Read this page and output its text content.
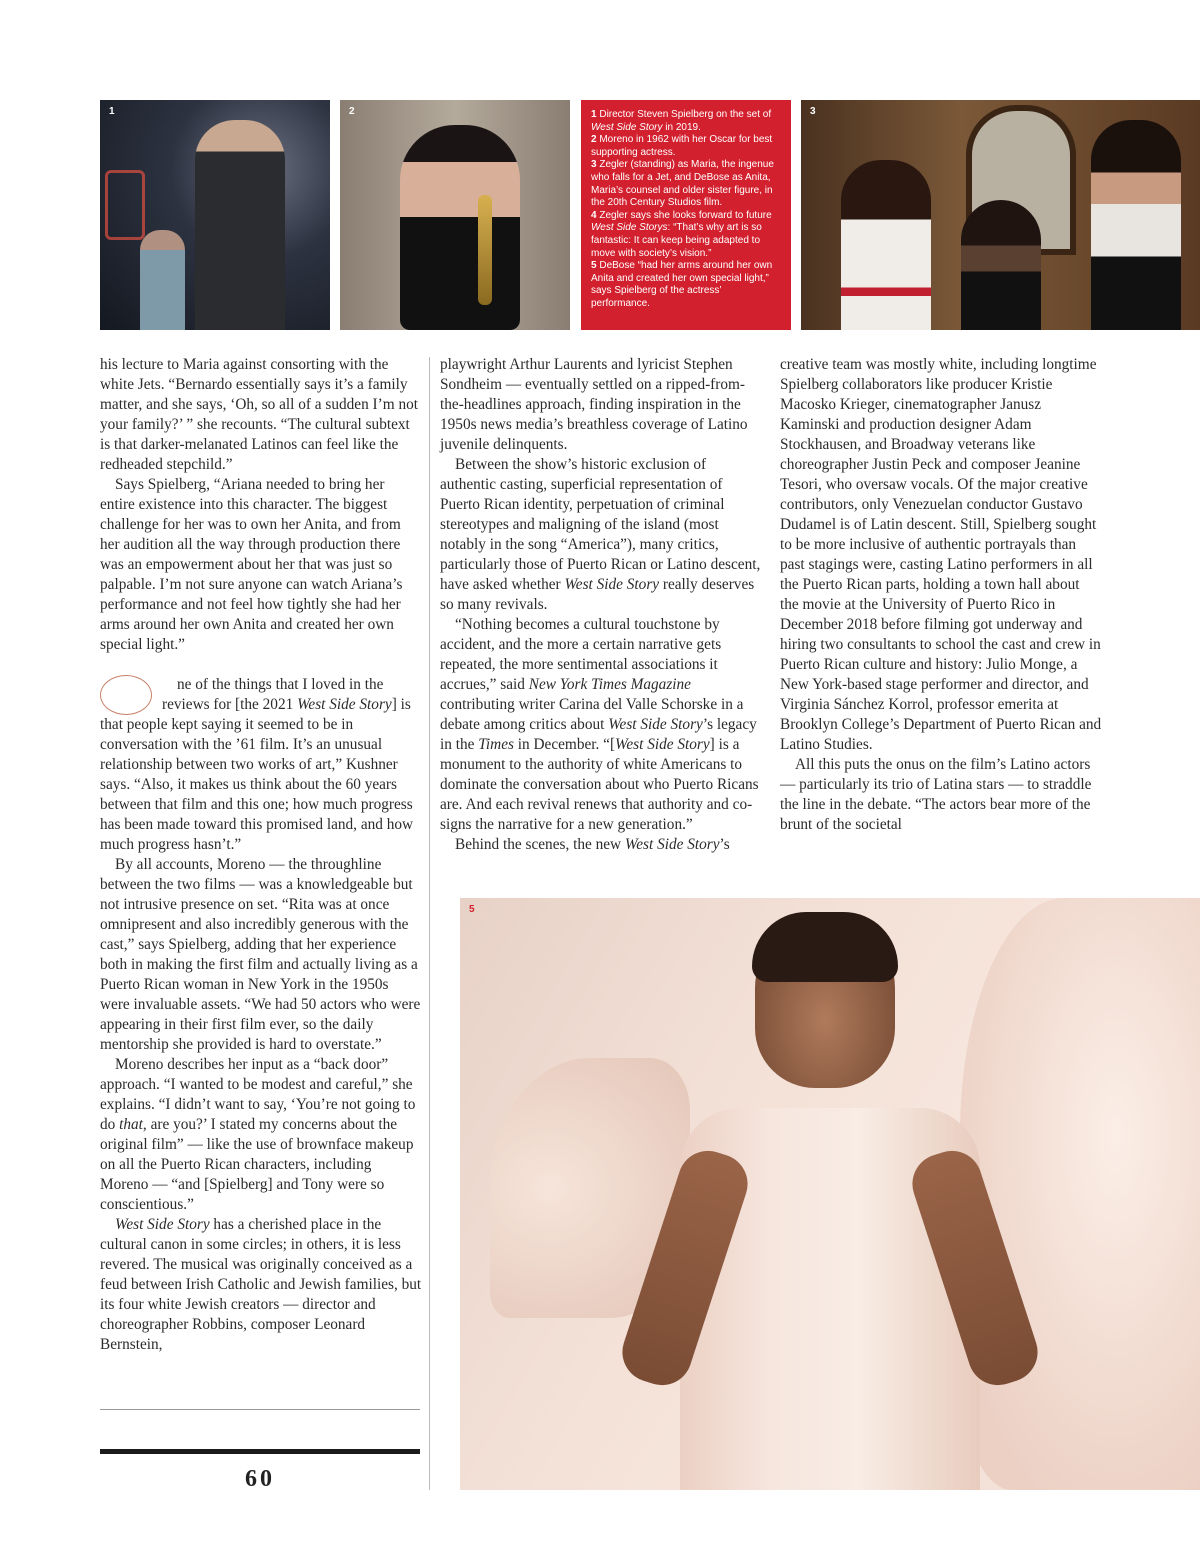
1	2	1 Director Steven Spielberg on the set of West Side Story in 2019.
2 Moreno in 1962 with her Oscar for best supporting actress.
3 Zegler (standing) as Maria, the ingenue who falls for a Jet, and DeBose as Anita, Maria’s counsel and older sister figure, in the 20th Century Studios film.
4 Zegler says she looks forward to future West Side Storys: “That’s why art is so fantastic: It can keep being adapted to move with society’s vision.”
5 DeBose “had her arms around her own Anita and created her own special light,” says Spielberg of the actress’ performance.
3

his lecture to Maria against consorting with the white Jets. “Bernardo essentially says it’s a family matter, and she says, ‘Oh, so all of a sudden I’m not your family?’ ” she recounts. “The cultural subtext is that darker-melanated Latinos can feel like the redheaded stepchild.”

Says Spielberg, “Ariana needed to bring her entire existence into this character. The biggest challenge for her was to own her Anita, and from her audition all the way through production there was an empowerment about her that was just so palpable. I’m not sure anyone can watch Ariana’s performance and not feel how tightly she had her arms around her own Anita and created her own special light.”

ne of the things that I loved in the reviews for [the 2021 West Side Story] is that people kept saying it seemed to be in conversation with the ’61 film. It’s an unusual relationship between two works of art,” Kushner says. “Also, it makes us think about the 60 years between that film and this one; how much progress has been made toward this promised land, and how much progress hasn’t.”

By all accounts, Moreno — the throughline between the two films — was a knowledgeable but not intrusive presence on set. “Rita was at once omnipresent and also incredibly generous with the cast,” says Spielberg, adding that her experience both in making the first film and actually living as a Puerto Rican woman in New York in the 1950s were invaluable assets. “We had 50 actors who were appearing in their first film ever, so the daily mentorship she provided is hard to overstate.”

Moreno describes her input as a “back door” approach. “I wanted to be modest and careful,” she explains. “I didn’t want to say, ‘You’re not going to do that, are you?’ I stated my concerns about the original film” — like the use of brownface makeup on all the Puerto Rican characters, including Moreno — “and [Spielberg] and Tony were so conscientious.”

West Side Story has a cherished place in the cultural canon in some circles; in others, it is less revered. The musical was originally conceived as a feud between Irish Catholic and Jewish families, but its four white Jewish creators — director and choreographer Robbins, composer Leonard Bernstein,

playwright Arthur Laurents and lyricist Stephen Sondheim — eventually settled on a ripped-from-the-headlines approach, finding inspiration in the 1950s news media’s breathless coverage of Latino juvenile delinquents.

Between the show’s historic exclusion of authentic casting, superficial representation of Puerto Rican identity, perpetuation of criminal stereotypes and maligning of the island (most notably in the song “America”), many critics, particularly those of Puerto Rican or Latino descent, have asked whether West Side Story really deserves so many revivals.

“Nothing becomes a cultural touchstone by accident, and the more a certain narrative gets repeated, the more sentimental associations it accrues,” said New York Times Magazine contributing writer Carina del Valle Schorske in a debate among critics about West Side Story’s legacy in the Times in December. “[West Side Story] is a monument to the authority of white Americans to dominate the conversation about who Puerto Ricans are. And each revival renews that authority and co-signs the narrative for a new generation.”

Behind the scenes, the new West Side Story’s

creative team was mostly white, including longtime Spielberg collaborators like producer Kristie Macosko Krieger, cinematographer Janusz Kaminski and production designer Adam Stockhausen, and Broadway veterans like choreographer Justin Peck and composer Jeanine Tesori, who oversaw vocals. Of the major creative contributors, only Venezuelan conductor Gustavo Dudamel is of Latin descent. Still, Spielberg sought to be more inclusive of authentic portrayals than past stagings were, casting Latino performers in all the Puerto Rican parts, holding a town hall about the movie at the University of Puerto Rico in December 2018 before filming got underway and hiring two consultants to school the cast and crew in Puerto Rican culture and history: Julio Monge, a New York-based stage performer and director, and Virginia Sánchez Korrol, professor emerita at Brooklyn College’s Department of Puerto Rican and Latino Studies.

All this puts the onus on the film’s Latino actors — particularly its trio of Latina stars — to straddle the line in the debate. “The actors bear more of the brunt of the societal

5
60
